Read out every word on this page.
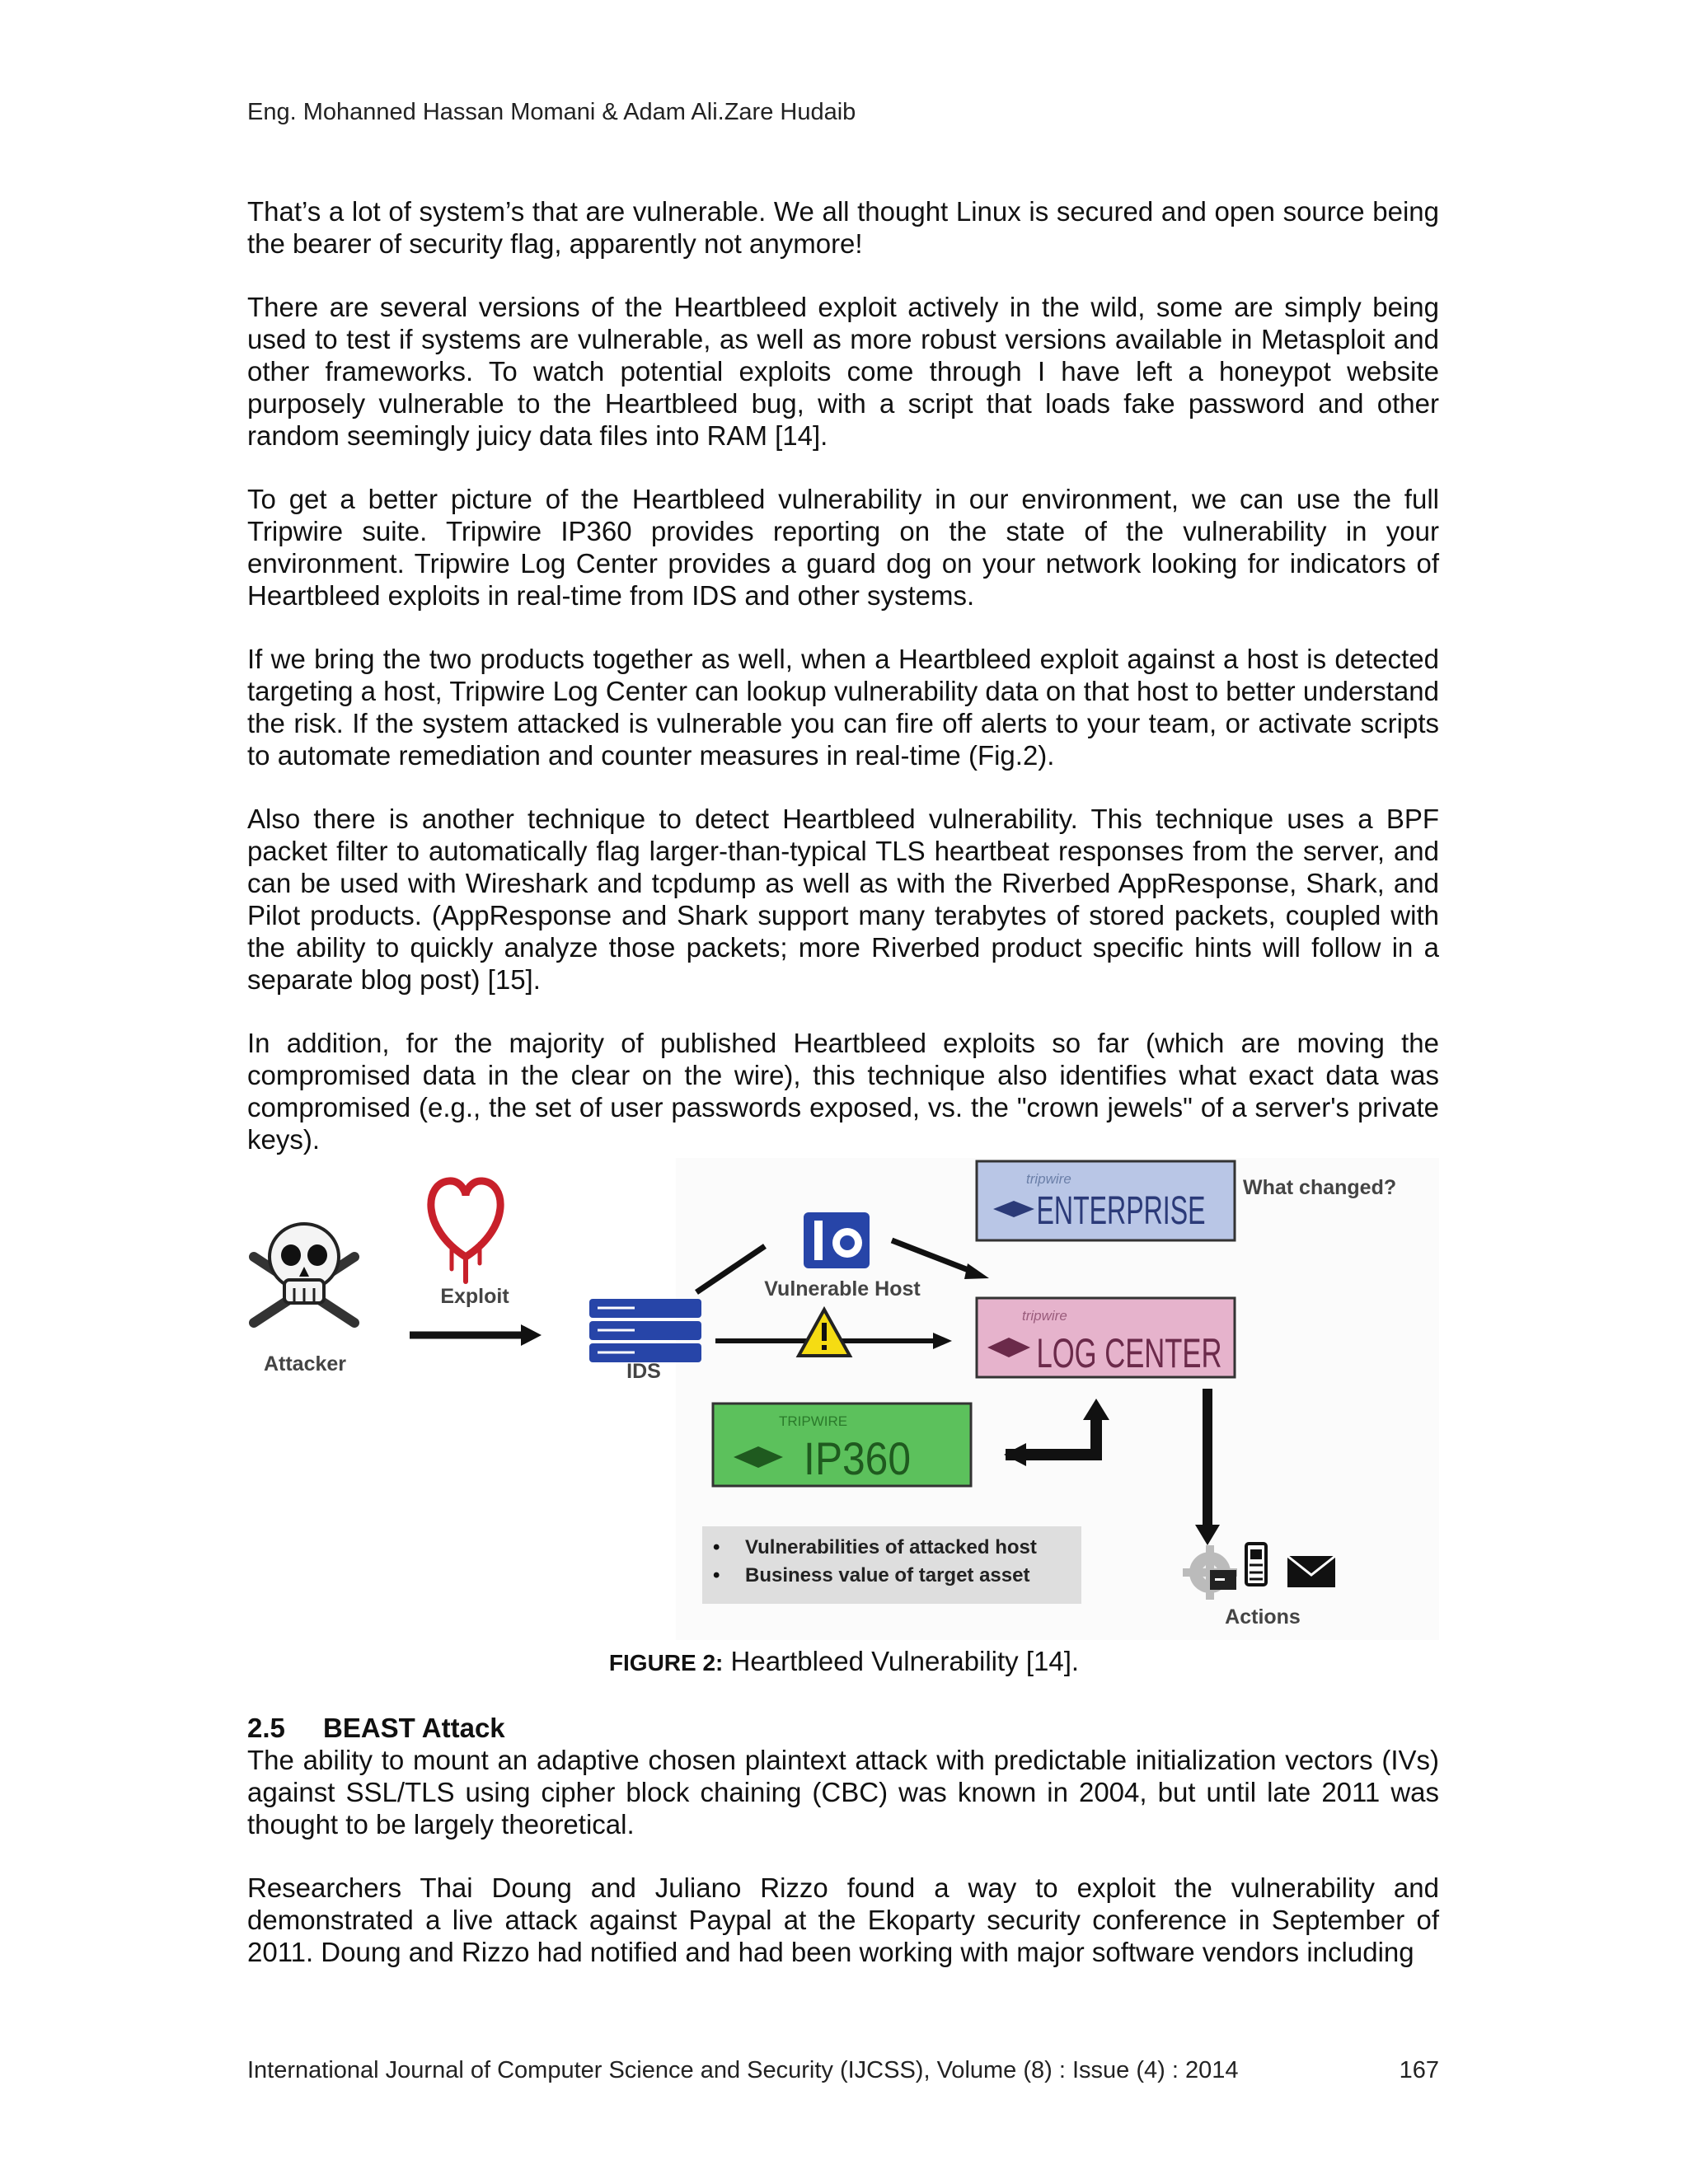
Eng. Mohanned Hassan Momani & Adam Ali.Zare Hudaib

That’s a lot of system’s that are vulnerable. We all thought Linux is secured and open source being the bearer of security flag, apparently not anymore!

There are several versions of the Heartbleed exploit actively in the wild, some are simply being used to test if systems are vulnerable, as well as more robust versions available in Metasploit and other frameworks. To watch potential exploits come through I have left a honeypot website purposely vulnerable to the Heartbleed bug, with a script that loads fake password and other random seemingly juicy data files into RAM [14].

To get a better picture of the Heartbleed vulnerability in our environment, we can use the full Tripwire suite. Tripwire IP360 provides reporting on the state of the vulnerability in your environment. Tripwire Log Center provides a guard dog on your network looking for indicators of Heartbleed exploits in real-time from IDS and other systems.

If we bring the two products together as well, when a Heartbleed exploit against a host is detected targeting a host, Tripwire Log Center can lookup vulnerability data on that host to better understand the risk. If the system attacked is vulnerable you can fire off alerts to your team, or activate scripts to automate remediation and counter measures in real-time (Fig.2).

Also there is another technique to detect Heartbleed vulnerability. This technique uses a BPF packet filter to automatically flag larger-than-typical TLS heartbeat responses from the server, and can be used with Wireshark and tcpdump as well as with the Riverbed AppResponse, Shark, and Pilot products. (AppResponse and Shark support many terabytes of stored packets, coupled with the ability to quickly analyze those packets; more Riverbed product specific hints will follow in a separate blog post) [15].

In addition, for the majority of published Heartbleed exploits so far (which are moving the compromised data in the clear on the wire), this technique also identifies what exact data was compromised (e.g., the set of user passwords exposed, vs. the "crown jewels" of a server's private keys).

Attacker
Exploit
IDS
Vulnerable Host
tripwire
ENTERPRISE
What changed?
tripwire
LOG CENTER
TRIPWIRE
IP360
• Vulnerabilities of attacked host
• Business value of target asset
Actions
FIGURE 2: Heartbleed Vulnerability [14].
2.5 BEAST Attack

The ability to mount an adaptive chosen plaintext attack with predictable initialization vectors (IVs) against SSL/TLS using cipher block chaining (CBC) was known in 2004, but until late 2011 was thought to be largely theoretical.

Researchers Thai Doung and Juliano Rizzo found a way to exploit the vulnerability and demonstrated a live attack against Paypal at the Ekoparty security conference in September of 2011. Doung and Rizzo had notified and had been working with major software vendors including

International Journal of Computer Science and Security (IJCSS), Volume (8) : Issue (4) : 2014	167
